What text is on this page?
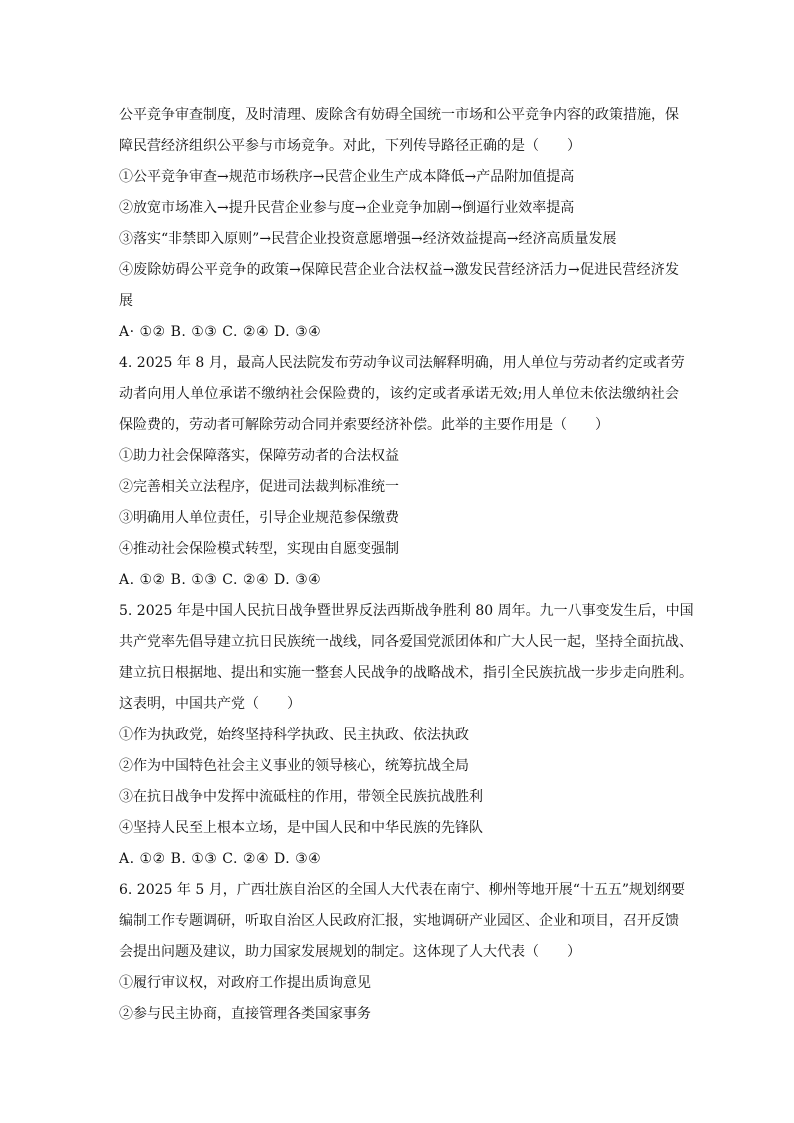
公平竞争审查制度，及时清理、废除含有妨碍全国统一市场和公平竞争内容的政策措施，保
障民营经济组织公平参与市场竞争。对此，下列传导路径正确的是（　　）
①公平竞争审查→规范市场秩序→民营企业生产成本降低→产品附加值提高
②放宽市场准入→提升民营企业参与度→企业竞争加剧→倒逼行业效率提高
③落实“非禁即入原则”→民营企业投资意愿增强→经济效益提高→经济高质量发展
④废除妨碍公平竞争的政策→保障民营企业合法权益→激发民营经济活力→促进民营经济发
展
A· ①② B. ①③ C. ②④ D. ③④
4. 2025 年 8 月，最高人民法院发布劳动争议司法解释明确，用人单位与劳动者约定或者劳
动者向用人单位承诺不缴纳社会保险费的，该约定或者承诺无效;用人单位未依法缴纳社会
保险费的，劳动者可解除劳动合同并索要经济补偿。此举的主要作用是（　　）
①助力社会保障落实，保障劳动者的合法权益
②完善相关立法程序，促进司法裁判标准统一
③明确用人单位责任，引导企业规范参保缴费
④推动社会保险模式转型，实现由自愿变强制
A. ①② B. ①③ C. ②④ D. ③④
5. 2025 年是中国人民抗日战争暨世界反法西斯战争胜利 80 周年。九一八事变发生后，中国
共产党率先倡导建立抗日民族统一战线，同各爱国党派团体和广大人民一起，坚持全面抗战、
建立抗日根据地、提出和实施一整套人民战争的战略战术，指引全民族抗战一步步走向胜利。
这表明，中国共产党（　　）
①作为执政党，始终坚持科学执政、民主执政、依法执政
②作为中国特色社会主义事业的领导核心，统筹抗战全局
③在抗日战争中发挥中流砥柱的作用，带领全民族抗战胜利
④坚持人民至上根本立场，是中国人民和中华民族的先锋队
A. ①② B. ①③ C. ②④ D. ③④
6. 2025 年 5 月，广西壮族自治区的全国人大代表在南宁、柳州等地开展“十五五”规划纲要
编制工作专题调研，听取自治区人民政府汇报，实地调研产业园区、企业和项目，召开反馈
会提出问题及建议，助力国家发展规划的制定。这体现了人大代表（　　）
①履行审议权，对政府工作提出质询意见
②参与民主协商，直接管理各类国家事务
